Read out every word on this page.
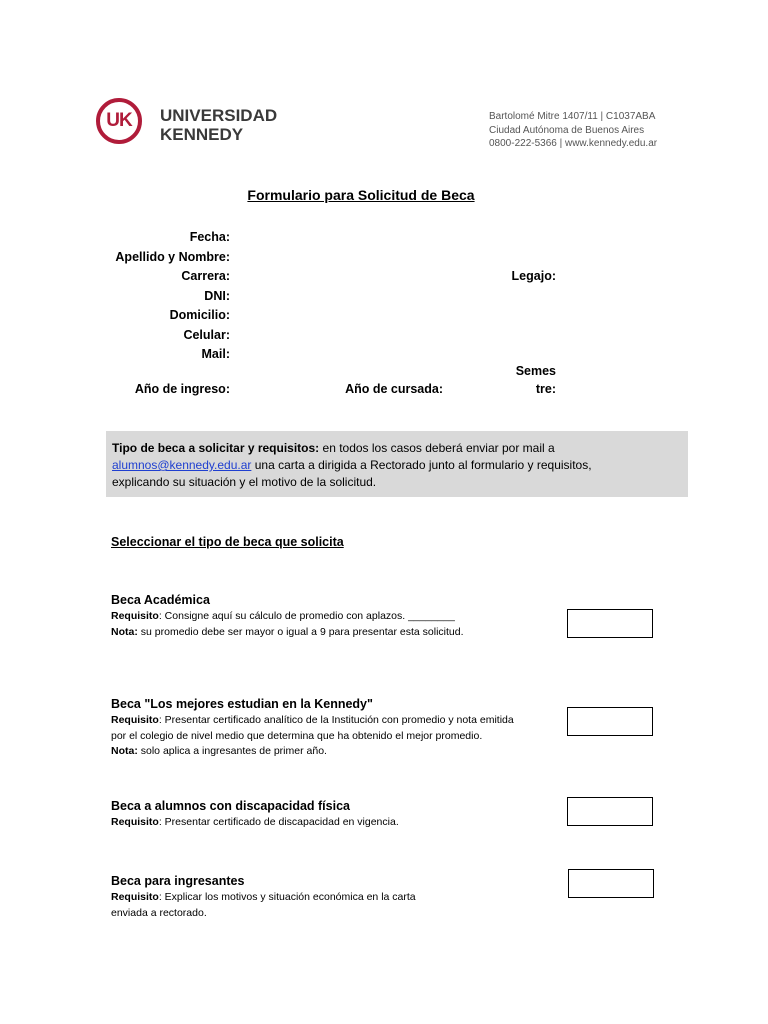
UK UNIVERSIDAD
KENNEDY
Bartolomé Mitre 1407/11 | C1037ABA
Ciudad Autónoma de Buenos Aires
0800-222-5366 | www.kennedy.edu.ar
Formulario para Solicitud de Beca
Fecha:
Apellido y Nombre:
Carrera:
DNI:
Domicilio:
Celular:
Mail:
Año de ingreso:
Legajo:
Año de cursada:
Semes
tre:
Tipo de beca a solicitar y requisitos: en todos los casos deberá enviar por mail a
alumnos@kennedy.edu.ar una carta a dirigida a Rectorado junto al formulario y requisitos,
explicando su situación y el motivo de la solicitud.
Seleccionar el tipo de beca que solicita
Beca Académica
Requisito: Consigne aquí su cálculo de promedio con aplazos. ________
Nota: su promedio debe ser mayor o igual a 9 para presentar esta solicitud.
Beca "Los mejores estudian en la Kennedy"
Requisito: Presentar certificado analítico de la Institución con promedio y nota emitida
por el colegio de nivel medio que determina que ha obtenido el mejor promedio.
Nota: solo aplica a ingresantes de primer año.
Beca a alumnos con discapacidad física
Requisito: Presentar certificado de discapacidad en vigencia.
Beca para ingresantes
Requisito: Explicar los motivos y situación económica en la carta
enviada a rectorado.
